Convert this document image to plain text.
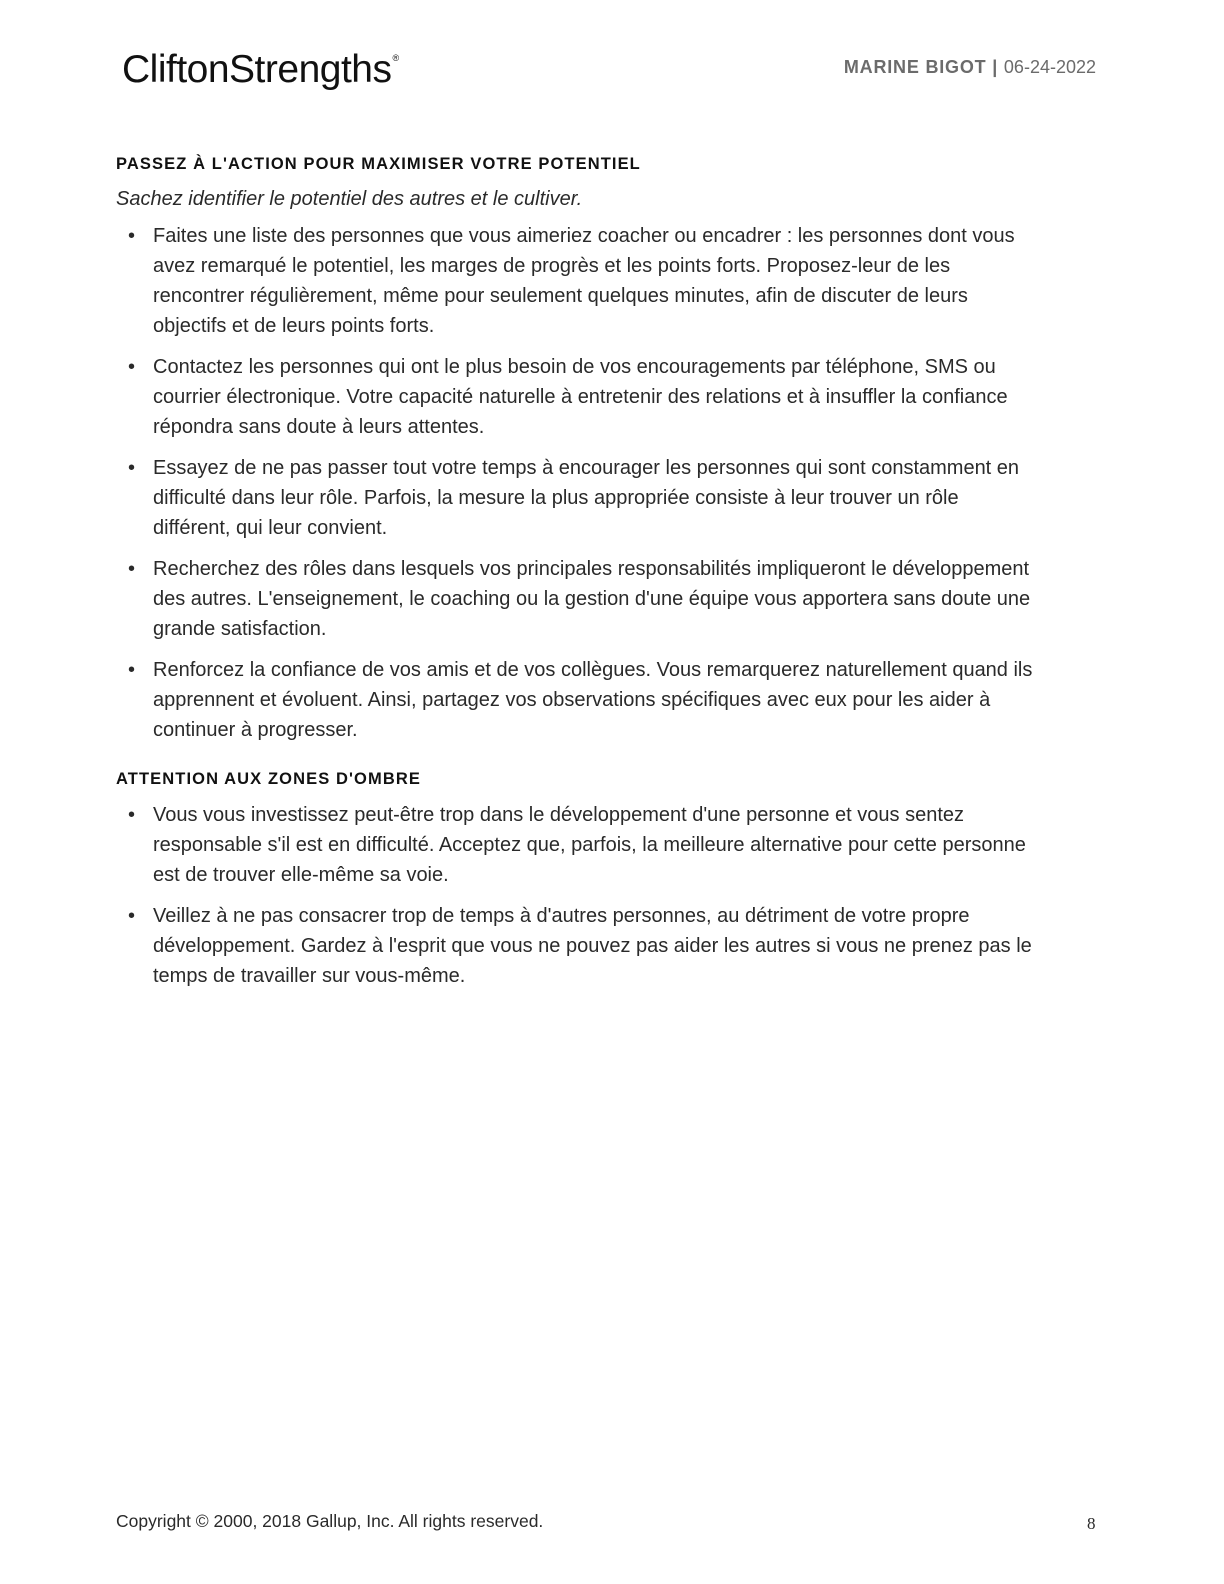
CliftonStrengths®	MARINE BIGOT | 06-24-2022
PASSEZ À L'ACTION POUR MAXIMISER VOTRE POTENTIEL

Sachez identifier le potentiel des autres et le cultiver.

• Faites une liste des personnes que vous aimeriez coacher ou encadrer : les personnes dont vous avez remarqué le potentiel, les marges de progrès et les points forts. Proposez-leur de les rencontrer régulièrement, même pour seulement quelques minutes, afin de discuter de leurs objectifs et de leurs points forts.
• Contactez les personnes qui ont le plus besoin de vos encouragements par téléphone, SMS ou courrier électronique. Votre capacité naturelle à entretenir des relations et à insuffler la confiance répondra sans doute à leurs attentes.
• Essayez de ne pas passer tout votre temps à encourager les personnes qui sont constamment en difficulté dans leur rôle. Parfois, la mesure la plus appropriée consiste à leur trouver un rôle différent, qui leur convient.
• Recherchez des rôles dans lesquels vos principales responsabilités impliqueront le développement des autres. L'enseignement, le coaching ou la gestion d'une équipe vous apportera sans doute une grande satisfaction.
• Renforcez la confiance de vos amis et de vos collègues. Vous remarquerez naturellement quand ils apprennent et évoluent. Ainsi, partagez vos observations spécifiques avec eux pour les aider à continuer à progresser.
ATTENTION AUX ZONES D'OMBRE
• Vous vous investissez peut-être trop dans le développement d'une personne et vous sentez responsable s'il est en difficulté. Acceptez que, parfois, la meilleure alternative pour cette personne est de trouver elle-même sa voie.
• Veillez à ne pas consacrer trop de temps à d'autres personnes, au détriment de votre propre développement. Gardez à l'esprit que vous ne pouvez pas aider les autres si vous ne prenez pas le temps de travailler sur vous-même.
Copyright © 2000, 2018 Gallup, Inc. All rights reserved.	8
